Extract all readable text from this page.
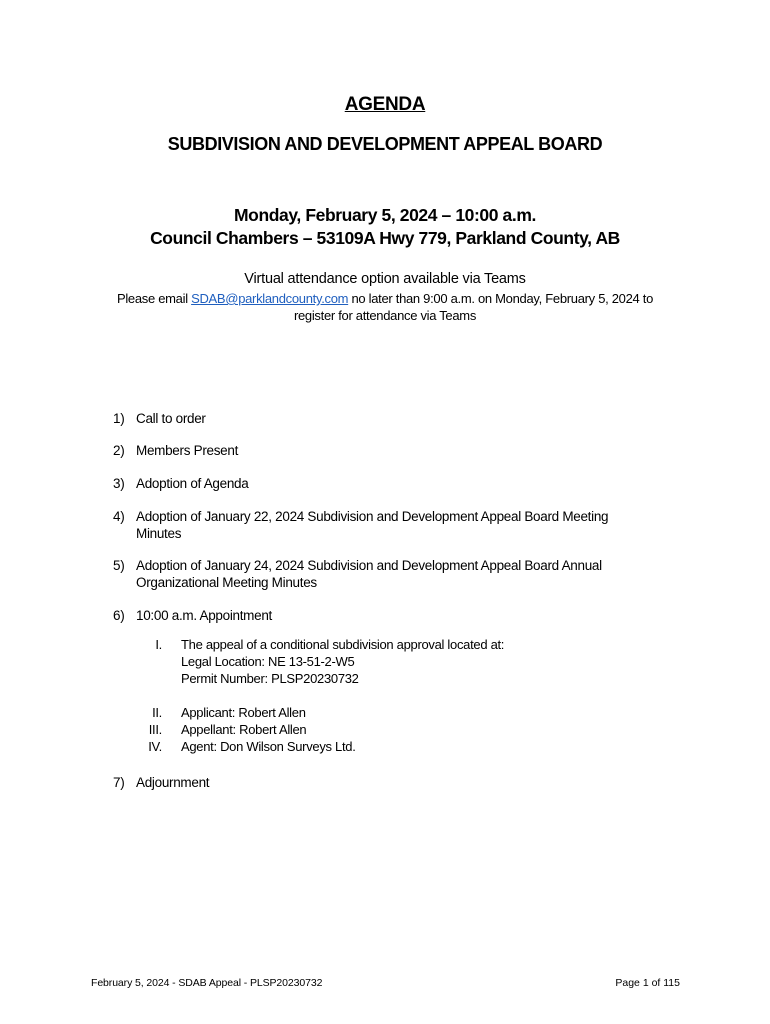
AGENDA
SUBDIVISION AND DEVELOPMENT APPEAL BOARD
Monday, February 5, 2024 – 10:00 a.m.
Council Chambers – 53109A Hwy 779, Parkland County, AB
Virtual attendance option available via Teams
Please email SDAB@parklandcounty.com no later than 9:00 a.m. on Monday, February 5, 2024 to
register for attendance via Teams
1) Call to order
2) Members Present
3) Adoption of Agenda
4) Adoption of January 22, 2024 Subdivision and Development Appeal Board Meeting
Minutes
5) Adoption of January 24, 2024 Subdivision and Development Appeal Board Annual
Organizational Meeting Minutes
6) 10:00 a.m. Appointment
I. The appeal of a conditional subdivision approval located at:
Legal Location: NE 13-51-2-W5
Permit Number: PLSP20230732
II. Applicant: Robert Allen
III. Appellant: Robert Allen
IV. Agent: Don Wilson Surveys Ltd.
7) Adjournment
February 5, 2024 - SDAB Appeal - PLSP20230732	Page 1 of 115
